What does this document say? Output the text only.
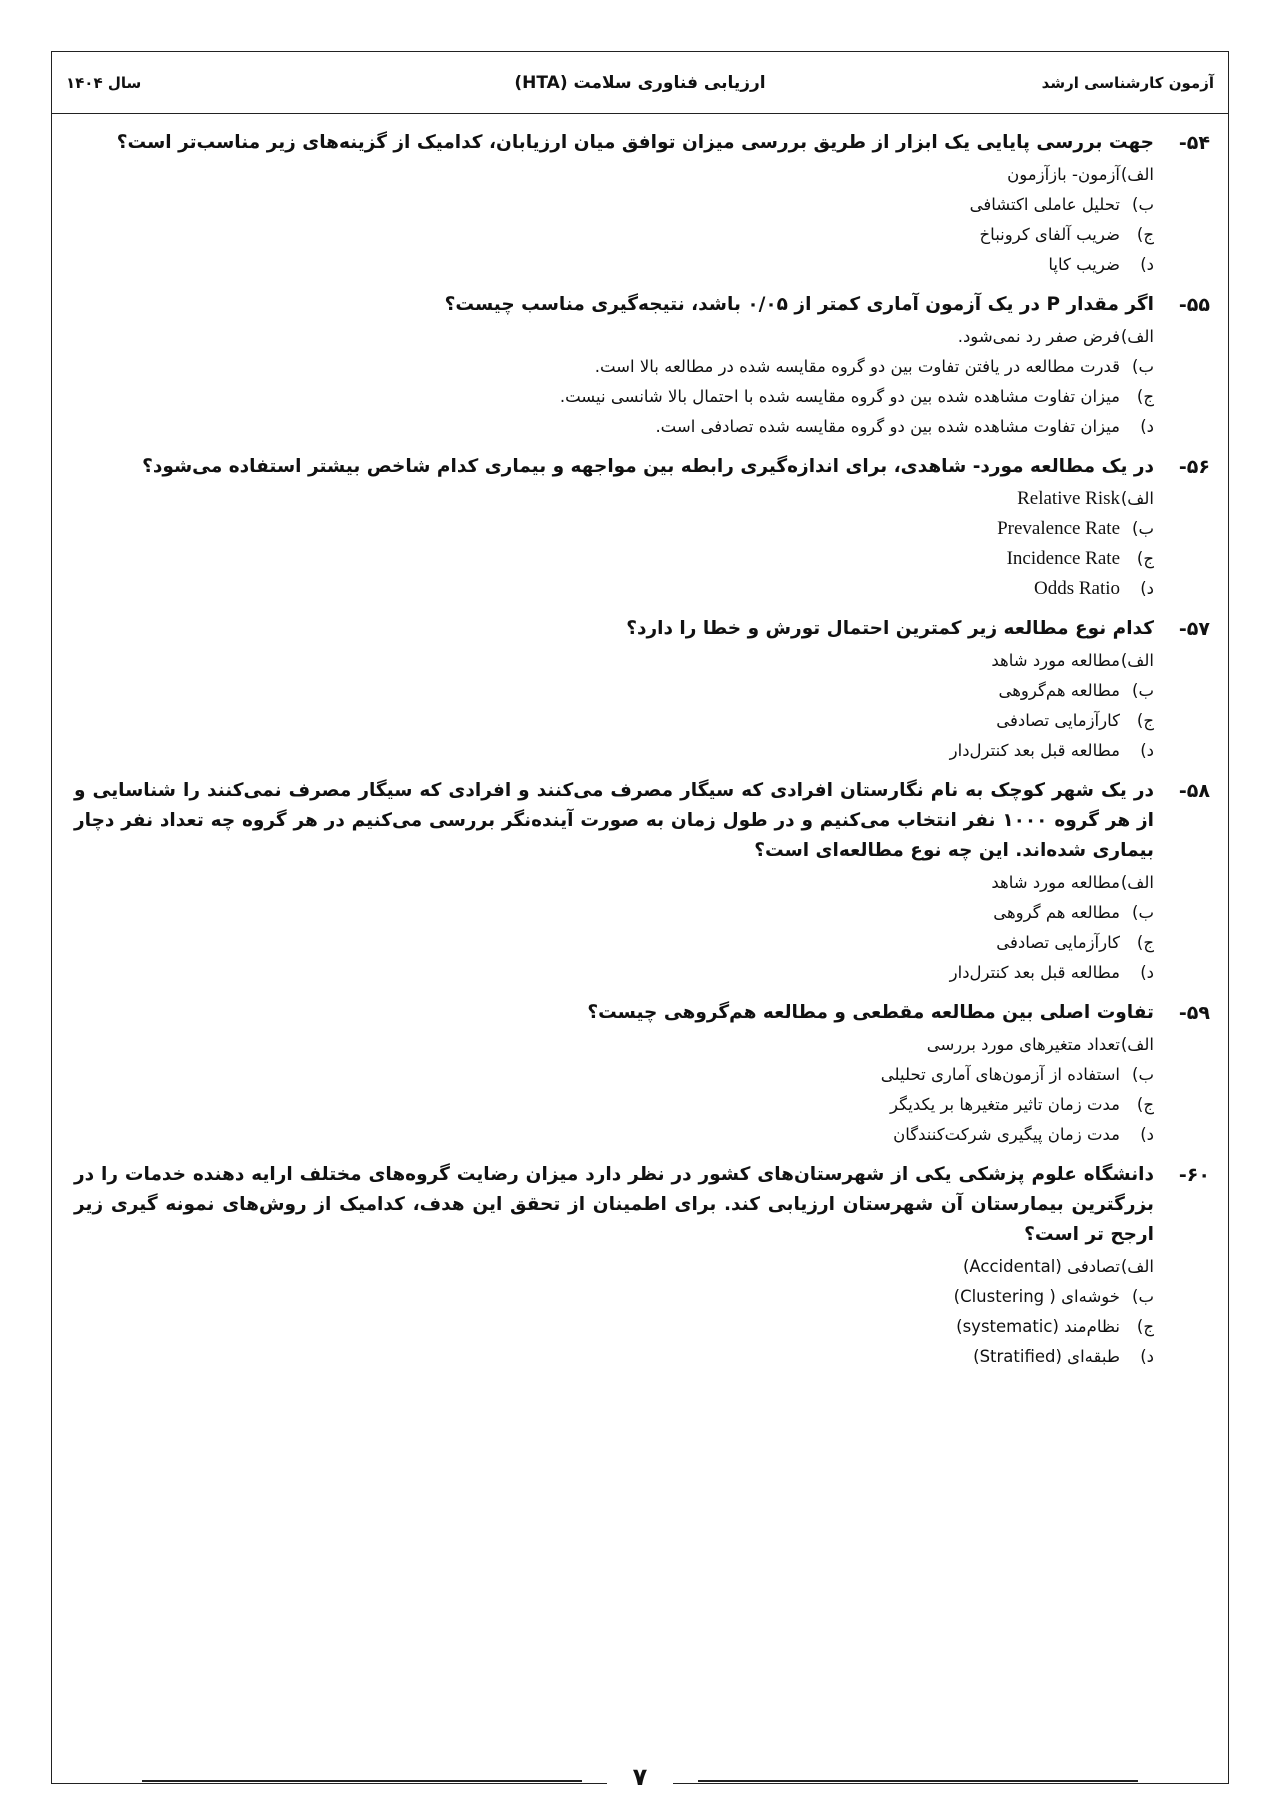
آزمون کارشناسی ارشد
ارزیابی فناوری سلامت (HTA)
سال ۱۴۰۴
۵۴-
جهت بررسی پایایی یک ابزار از طریق بررسی میزان توافق میان ارزیابان، کدامیک از گزینه‌های زیر مناسب‌تر است؟
الف)
آزمون- بازآزمون
ب)
تحلیل عاملی اکتشافی
ج)
ضریب آلفای کرونباخ
د)
ضریب کاپا
۵۵-
اگر مقدار P در یک آزمون آماری کمتر از ۰/۰۵ باشد، نتیجه‌گیری مناسب چیست؟
الف)
فرض صفر رد نمی‌شود.
ب)
قدرت مطالعه در یافتن تفاوت بین دو گروه مقایسه شده در مطالعه بالا است.
ج)
میزان تفاوت مشاهده شده بین دو گروه مقایسه شده با احتمال بالا شانسی نیست.
د)
میزان تفاوت مشاهده شده بین دو گروه مقایسه شده تصادفی است.
۵۶-
در یک مطالعه مورد- شاهدی، برای اندازه‌گیری رابطه بین مواجهه و بیماری کدام شاخص بیشتر استفاده می‌شود؟
الف)
Relative Risk
ب)
Prevalence Rate
ج)
Incidence Rate
د)
Odds Ratio
۵۷-
کدام نوع مطالعه زیر کمترین احتمال تورش و خطا را دارد؟
الف)
مطالعه مورد شاهد
ب)
مطالعه هم‌گروهی
ج)
کارآزمایی تصادفی
د)
مطالعه قبل بعد کنترل‌دار
۵۸-
در یک شهر کوچک به نام نگارستان افرادی که سیگار مصرف می‌کنند و افرادی که سیگار مصرف نمی‌کنند را شناسایی و از هر گروه ۱۰۰۰ نفر انتخاب می‌کنیم و در طول زمان به صورت آینده‌نگر بررسی می‌کنیم در هر گروه چه تعداد نفر دچار بیماری شده‌اند. این چه نوع مطالعه‌ای است؟
الف)
مطالعه مورد شاهد
ب)
مطالعه هم گروهی
ج)
کارآزمایی تصادفی
د)
مطالعه قبل بعد کنترل‌دار
۵۹-
تفاوت اصلی بین مطالعه مقطعی و مطالعه هم‌گروهی چیست؟
الف)
تعداد متغیرهای مورد بررسی
ب)
استفاده از آزمون‌های آماری تحلیلی
ج)
مدت زمان تاثیر متغیرها بر یکدیگر
د)
مدت زمان پیگیری شرکت‌کنندگان
۶۰-
دانشگاه علوم پزشکی یکی از شهرستان‌های کشور در نظر دارد میزان رضایت گروه‌های مختلف ارایه دهنده خدمات را در بزرگترین بیمارستان آن شهرستان ارزیابی کند. برای اطمینان از تحقق این هدف، کدامیک از روش‌های نمونه گیری زیر ارجح تر است؟
الف)
تصادفی (Accidental)
ب)
خوشه‌ای ( Clustering)
ج)
نظام‌مند (systematic)
د)
طبقه‌ای (Stratified)
۷
